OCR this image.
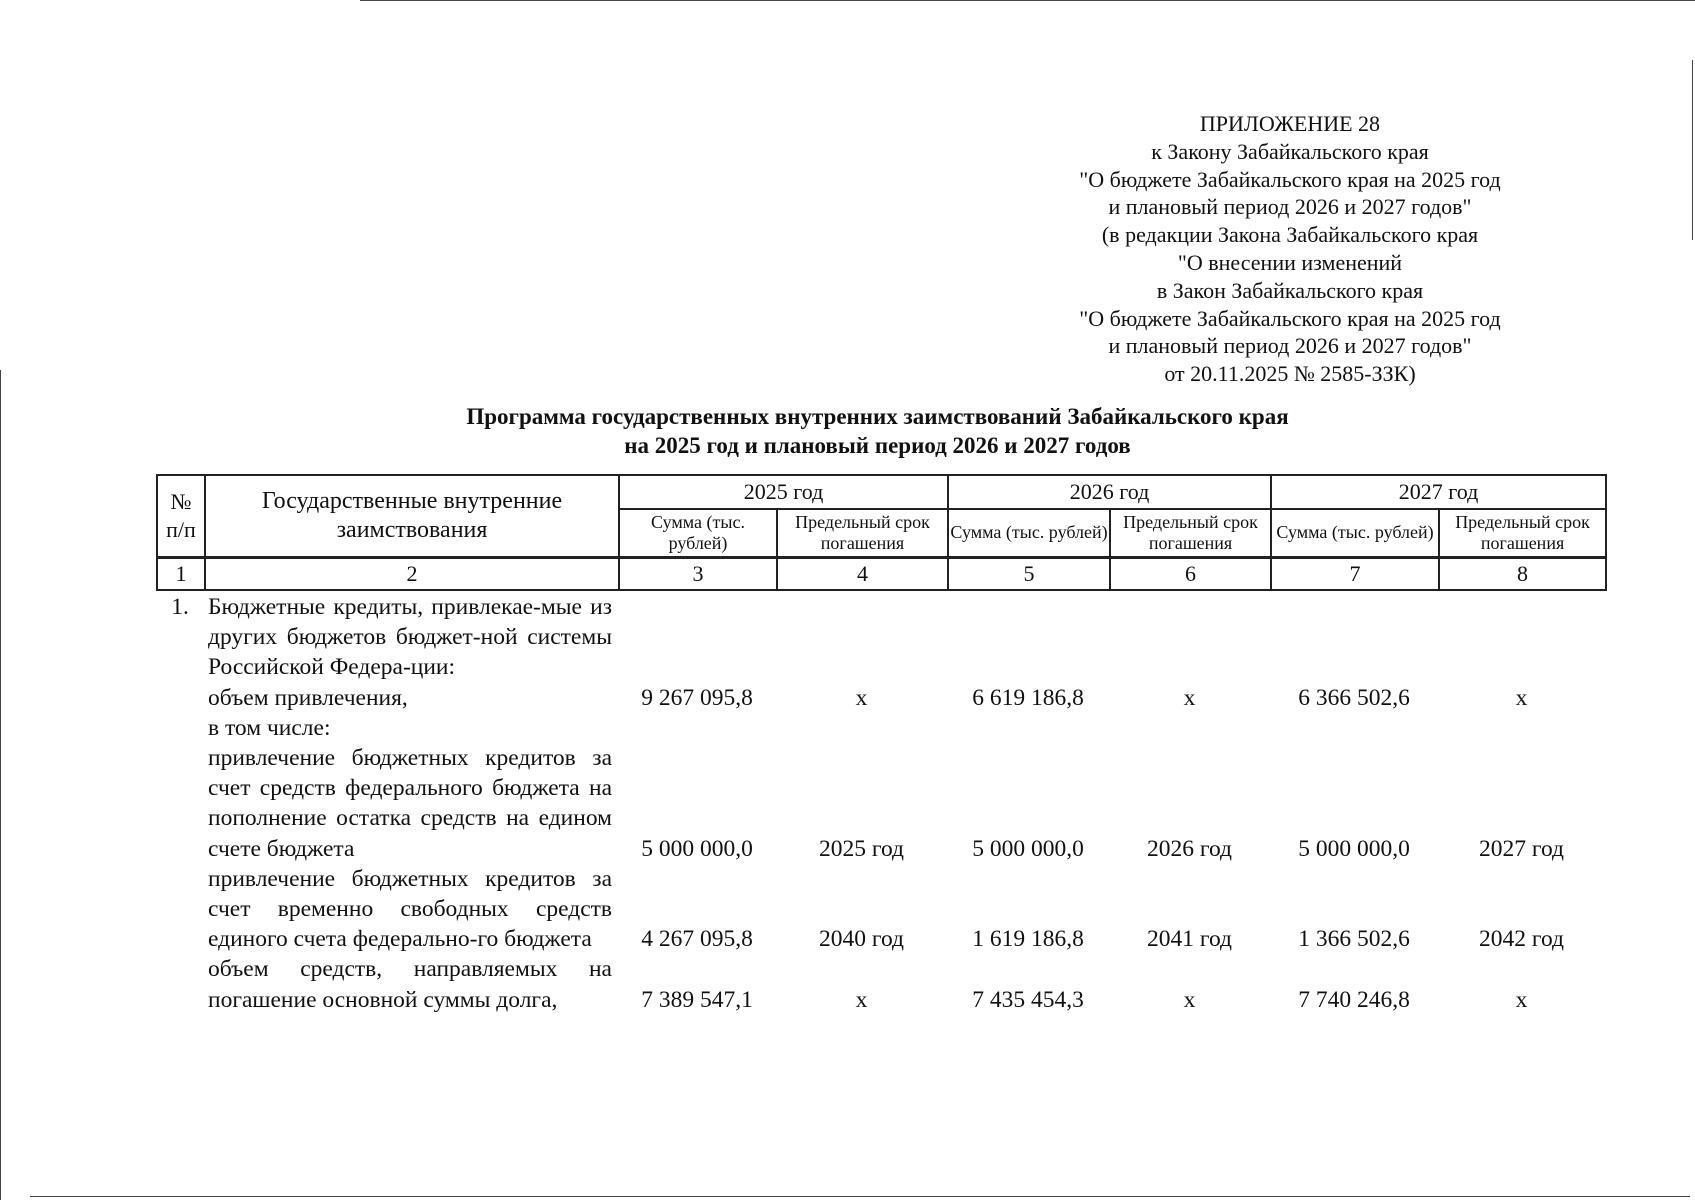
ПРИЛОЖЕНИЕ 28
к Закону Забайкальского края
"О бюджете Забайкальского края на 2025 год
и плановый период 2026 и 2027 годов"
(в редакции Закона Забайкальского края
"О внесении изменений
в Закон Забайкальского края
"О бюджете Забайкальского края на 2025 год
и плановый период 2026 и 2027 годов"
от 20.11.2025 № 2585-ЗЗК)
Программа государственных внутренних заимствований Забайкальского края
на 2025 год и плановый период 2026 и 2027 годов
№ п/п	Государственные внутренние заимствования	2025 год		2026 год		2027 год	
		Сумма (тыс. рублей)	Предельный срок погашения	Сумма (тыс. рублей)	Предельный срок погашения	Сумма (тыс. рублей)	Предельный срок погашения
1	2	3	4	5	6	7	8
1.	Бюджетные кредиты, привлекае-мые из других бюджетов бюджет-ной системы Российской Федера-ции:						
	объем привлечения,	9 267 095,8	х	6 619 186,8	х	6 366 502,6	х
	в том числе:						
	привлечение бюджетных кредитов за счет средств федерального бюджета на пополнение остатка средств на едином счете бюджета	5 000 000,0	2025 год	5 000 000,0	2026 год	5 000 000,0	2027 год
	привлечение бюджетных кредитов за счет временно свободных средств единого счета федерально-го бюджета	4 267 095,8	2040 год	1 619 186,8	2041 год	1 366 502,6	2042 год
	объем средств, направляемых на погашение основной суммы долга,	7 389 547,1	х	7 435 454,3	х	7 740 246,8	х
